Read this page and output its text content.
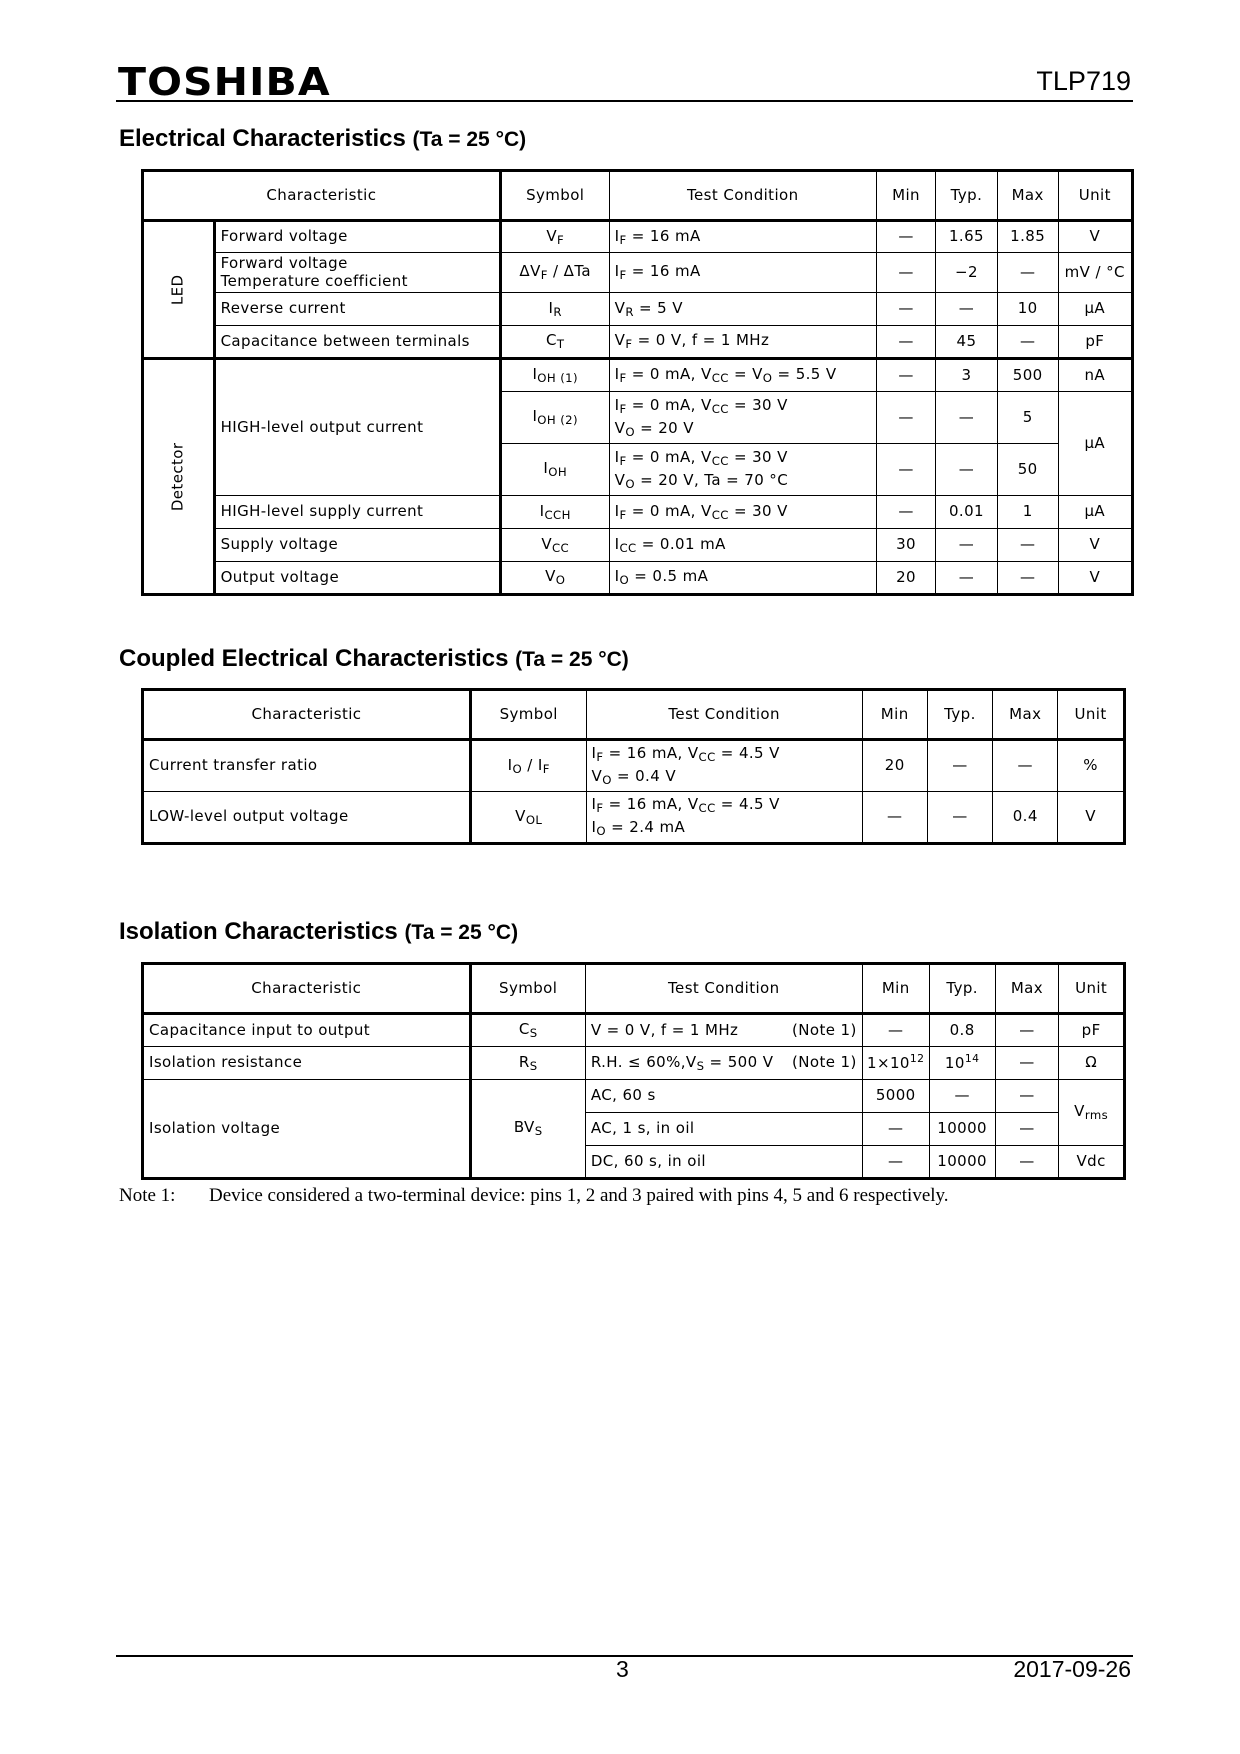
TOSHIBA	TLP719
Electrical Characteristics (Ta = 25 °C)
Characteristic		Symbol	Test Condition	Min	Typ.	Max	Unit
LED	Forward voltage	$V_F$	$I_F = 16$ mA	—	1.65	1.85	V
	Forward voltage
Temperature coefficient	$\Delta V_F$ / ΔTa	$I_F = 16$ mA	—	−2	—	mV / °C
	Reverse current	$I_R$	$V_R = 5$ V	—	—	10	μA
	Capacitance between terminals	$C_T$	$V_F = 0$ V, f = 1 MHz	—	45	—	pF
Detector	HIGH-level output current	$I_{OH (1)}$	$I_F = 0$ mA, $V_{CC} = V_O = 5.5$ V	—	3	500	nA
		$I_{OH (2)}$	$I_F = 0$ mA, $V_{CC} = 30$ V
$V_O = 20$ V	—	—	5	μA
		$I_{OH}$	$I_F = 0$ mA, $V_{CC} = 30$ V
$V_O = 20$ V, Ta = 70 °C	—	—	50	
	HIGH-level supply current	$I_{CCH}$	$I_F = 0$ mA, $V_{CC} = 30$ V	—	0.01	1	μA
	Supply voltage	$V_{CC}$	$I_{CC} = 0.01$ mA	30	—	—	V
	Output voltage	$V_O$	$I_O = 0.5$ mA	20	—	—	V
Coupled Electrical Characteristics (Ta = 25 °C)
Characteristic	Symbol	Test Condition	Min	Typ.	Max	Unit
Current transfer ratio	$I_O / I_F$	$I_F = 16$ mA, $V_{CC} = 4.5$ V
$V_O = 0.4$ V	20	—	—	%
LOW-level output voltage	$V_{OL}$	$I_F = 16$ mA, $V_{CC} = 4.5$ V
$I_O = 2.4$ mA	—	—	0.4	V
Isolation Characteristics (Ta = 25 °C)
Characteristic	Symbol	Test Condition	Min	Typ.	Max	Unit
Capacitance input to output	$C_S$	V = 0 V, f = 1 MHz (Note 1)	—	0.8	—	pF
Isolation resistance	$R_S$	R.H. ≤ $60\%,V_S = 500$ V (Note 1)	$1\times 10^{12}$	$10^{14}$	—	Ω
Isolation voltage	$BV_S$	AC, 60 s	5000	—	—	$V_{rms}$
		AC, 1 s, in oil	—	10000	—	
		DC, 60 s, in oil	—	10000	—	Vdc
Note 1: Device considered a two-terminal device: pins 1, 2 and 3 paired with pins 4, 5 and 6 respectively.
3	2017-09-26
